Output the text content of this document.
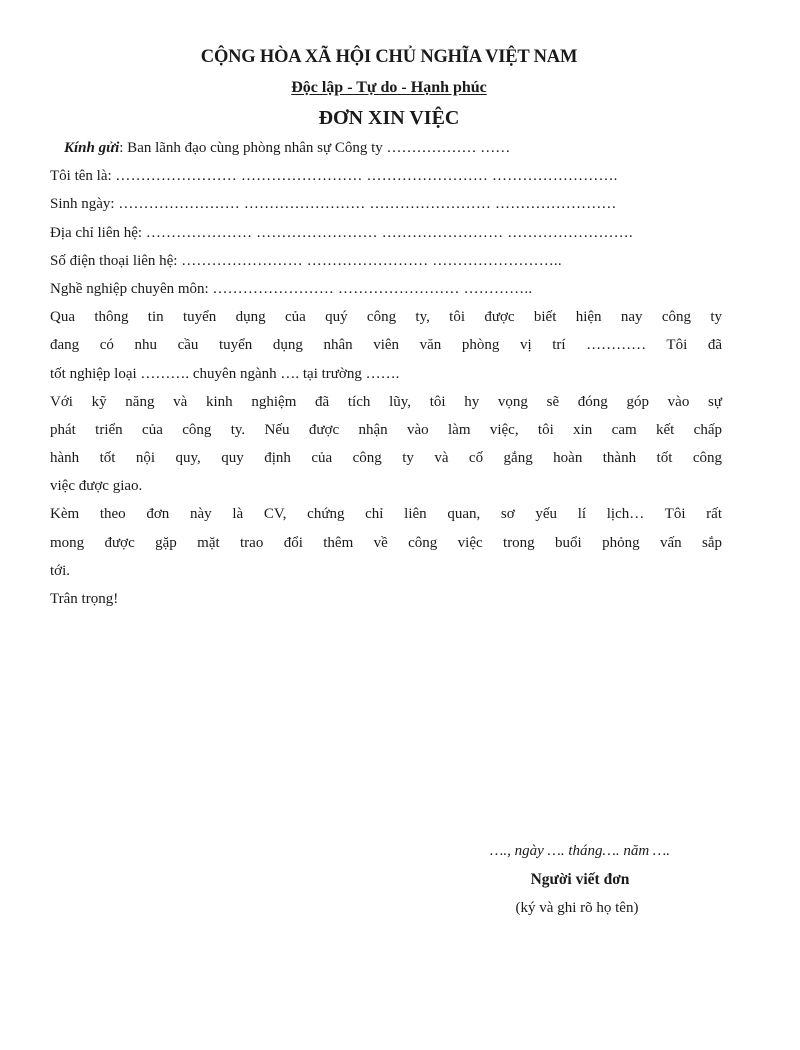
CỘNG HÒA XÃ HỘI CHỦ NGHĨA VIỆT NAM
Độc lập - Tự do - Hạnh phúc
ĐƠN XIN VIỆC
Kính gửi: Ban lãnh đạo cùng phòng nhân sự Công ty ……………… ……
Tôi tên là: …………………… …………………… …………………… …………………….
Sinh ngày: …………………… …………………… …………………… ……………………
Địa chỉ liên hệ: ………………… …………………… …………………… …………………….
Số điện thoại liên hệ: …………………… …………………… ……………………..
Nghề nghiệp chuyên môn: …………………… …………………… …………..

Qua thông tin tuyển dụng của quý công ty, tôi được biết hiện nay công ty
đang có nhu cầu tuyển dụng nhân viên văn phòng vị trí ………… Tôi đã
tốt nghiệp loại ………. chuyên ngành …. tại trường …….

Với kỹ năng và kinh nghiệm đã tích lũy, tôi hy vọng sẽ đóng góp vào sự
phát triển của công ty. Nếu được nhận vào làm việc, tôi xin cam kết chấp
hành tốt nội quy, quy định của công ty và cố gắng hoàn thành tốt công
việc được giao.

Kèm theo đơn này là CV, chứng chỉ liên quan, sơ yếu lí lịch… Tôi rất
mong được gặp mặt trao đổi thêm về công việc trong buổi phỏng vấn sắp
tới.

Trân trọng!
…., ngày …. tháng…. năm ….
Người viết đơn
(ký và ghi rõ họ tên)
